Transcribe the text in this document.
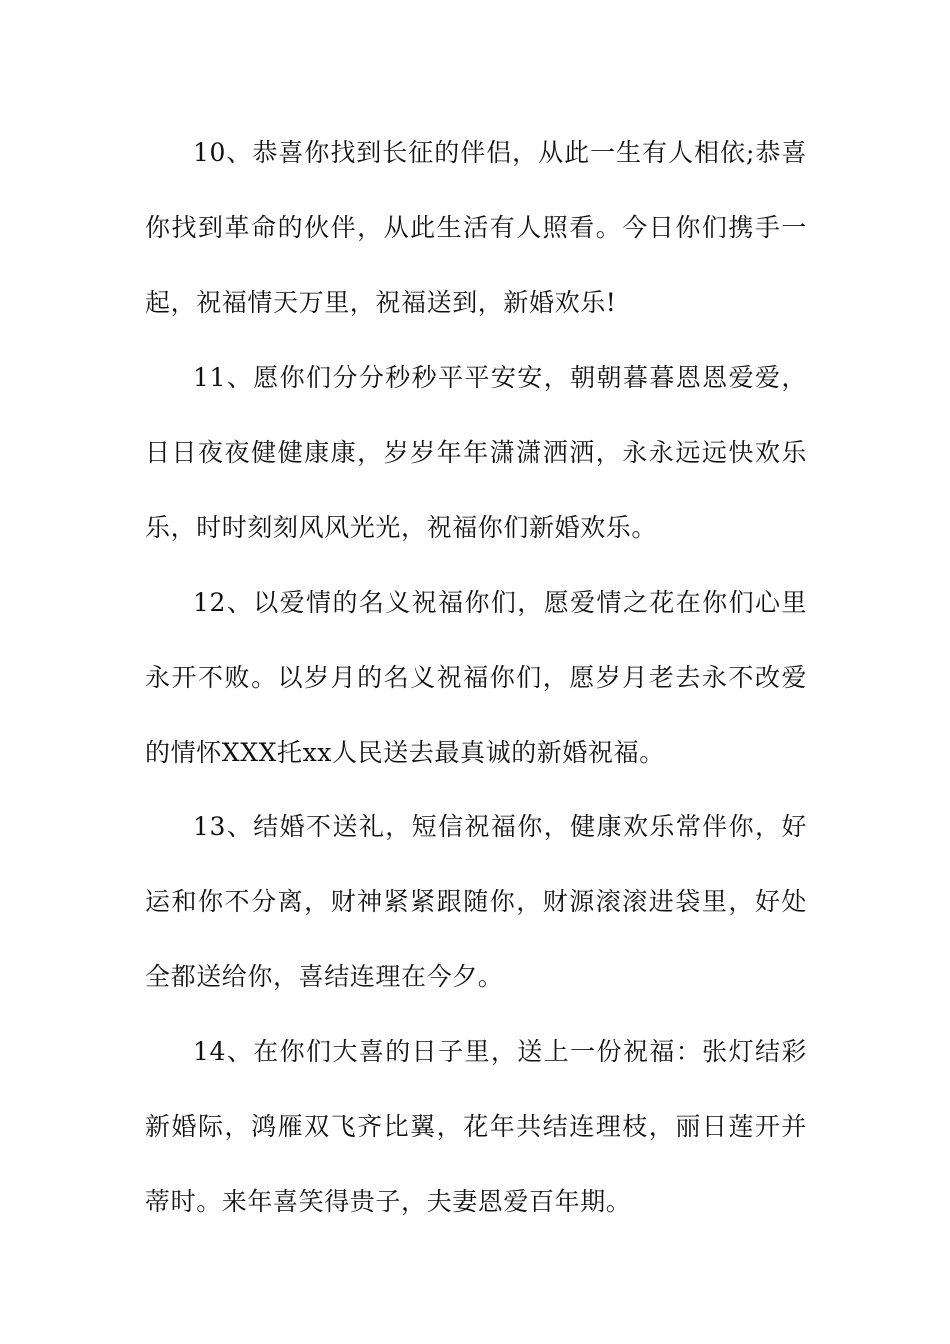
10、恭喜你找到长征的伴侣，从此一生有人相依;恭喜你找到革命的伙伴，从此生活有人照看。今日你们携手一起，祝福情天万里，祝福送到，新婚欢乐!

11、愿你们分分秒秒平平安安，朝朝暮暮恩恩爱爱，日日夜夜健健康康，岁岁年年潇潇洒洒，永永远远快欢乐乐，时时刻刻风风光光，祝福你们新婚欢乐。

12、以爱情的名义祝福你们，愿爱情之花在你们心里永开不败。以岁月的名义祝福你们，愿岁月老去永不改爱的情怀XXX托xx人民送去最真诚的新婚祝福。

13、结婚不送礼，短信祝福你，健康欢乐常伴你，好运和你不分离，财神紧紧跟随你，财源滚滚进袋里，好处全都送给你，喜结连理在今夕。

14、在你们大喜的日子里，送上一份祝福：张灯结彩新婚际，鸿雁双飞齐比翼，花年共结连理枝，丽日莲开并蒂时。来年喜笑得贵子，夫妻恩爱百年期。
